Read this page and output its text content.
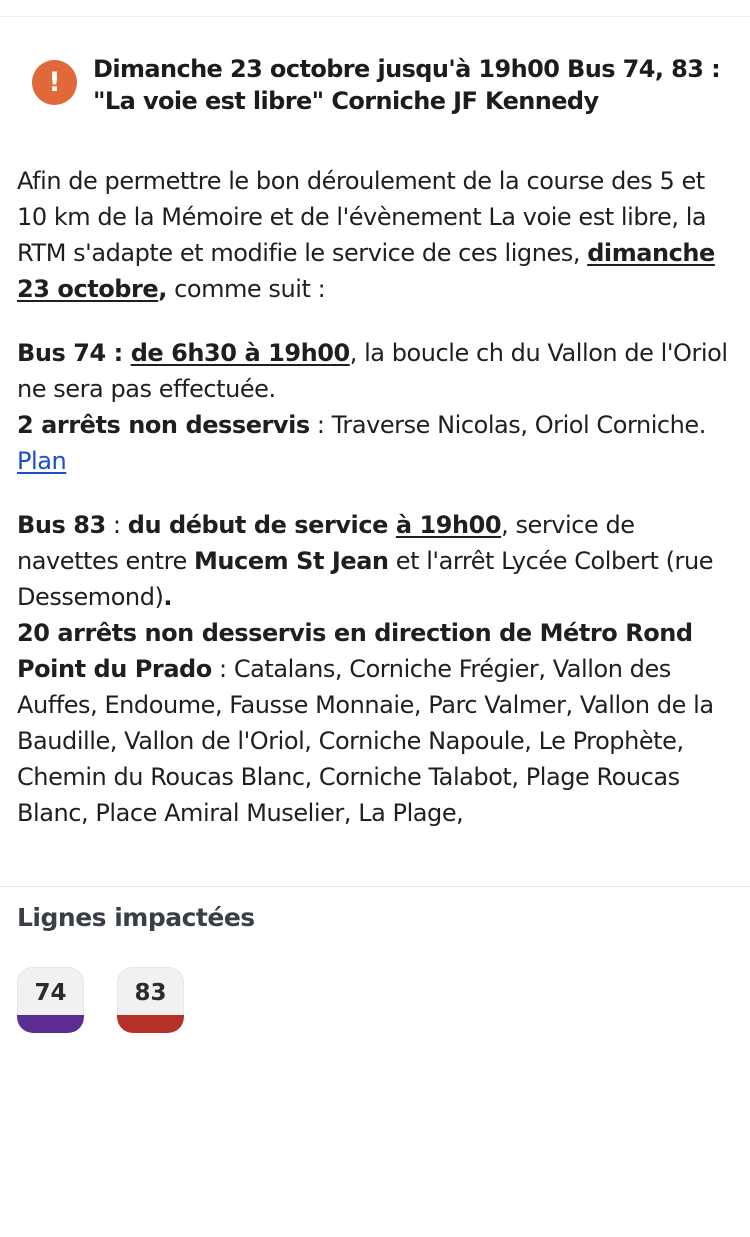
!	Dimanche 23 octobre jusqu'à 19h00 Bus 74, 83 : "La voie est libre" Corniche JF Kennedy

Afin de permettre le bon déroulement de la course des 5 et 10 km de la Mémoire et de l'évènement La voie est libre, la RTM s'adapte et modifie le service de ces lignes, dimanche 23 octobre, comme suit :

Bus 74 : de 6h30 à 19h00, la boucle ch du Vallon de l'Oriol ne sera pas effectuée.
2 arrêts non desservis : Traverse Nicolas, Oriol Corniche.
Plan

Bus 83 : du début de service à 19h00, service de navettes entre Mucem St Jean et l'arrêt Lycée Colbert (rue Dessemond).
20 arrêts non desservis en direction de Métro Rond Point du Prado : Catalans, Corniche Frégier, Vallon des Auffes, Endoume, Fausse Monnaie, Parc Valmer, Vallon de la Baudille, Vallon de l'Oriol, Corniche Napoule, Le Prophète, Chemin du Roucas Blanc, Corniche Talabot, Plage Roucas Blanc, Place Amiral Muselier, La Plage,

Lignes impactées
74	83
